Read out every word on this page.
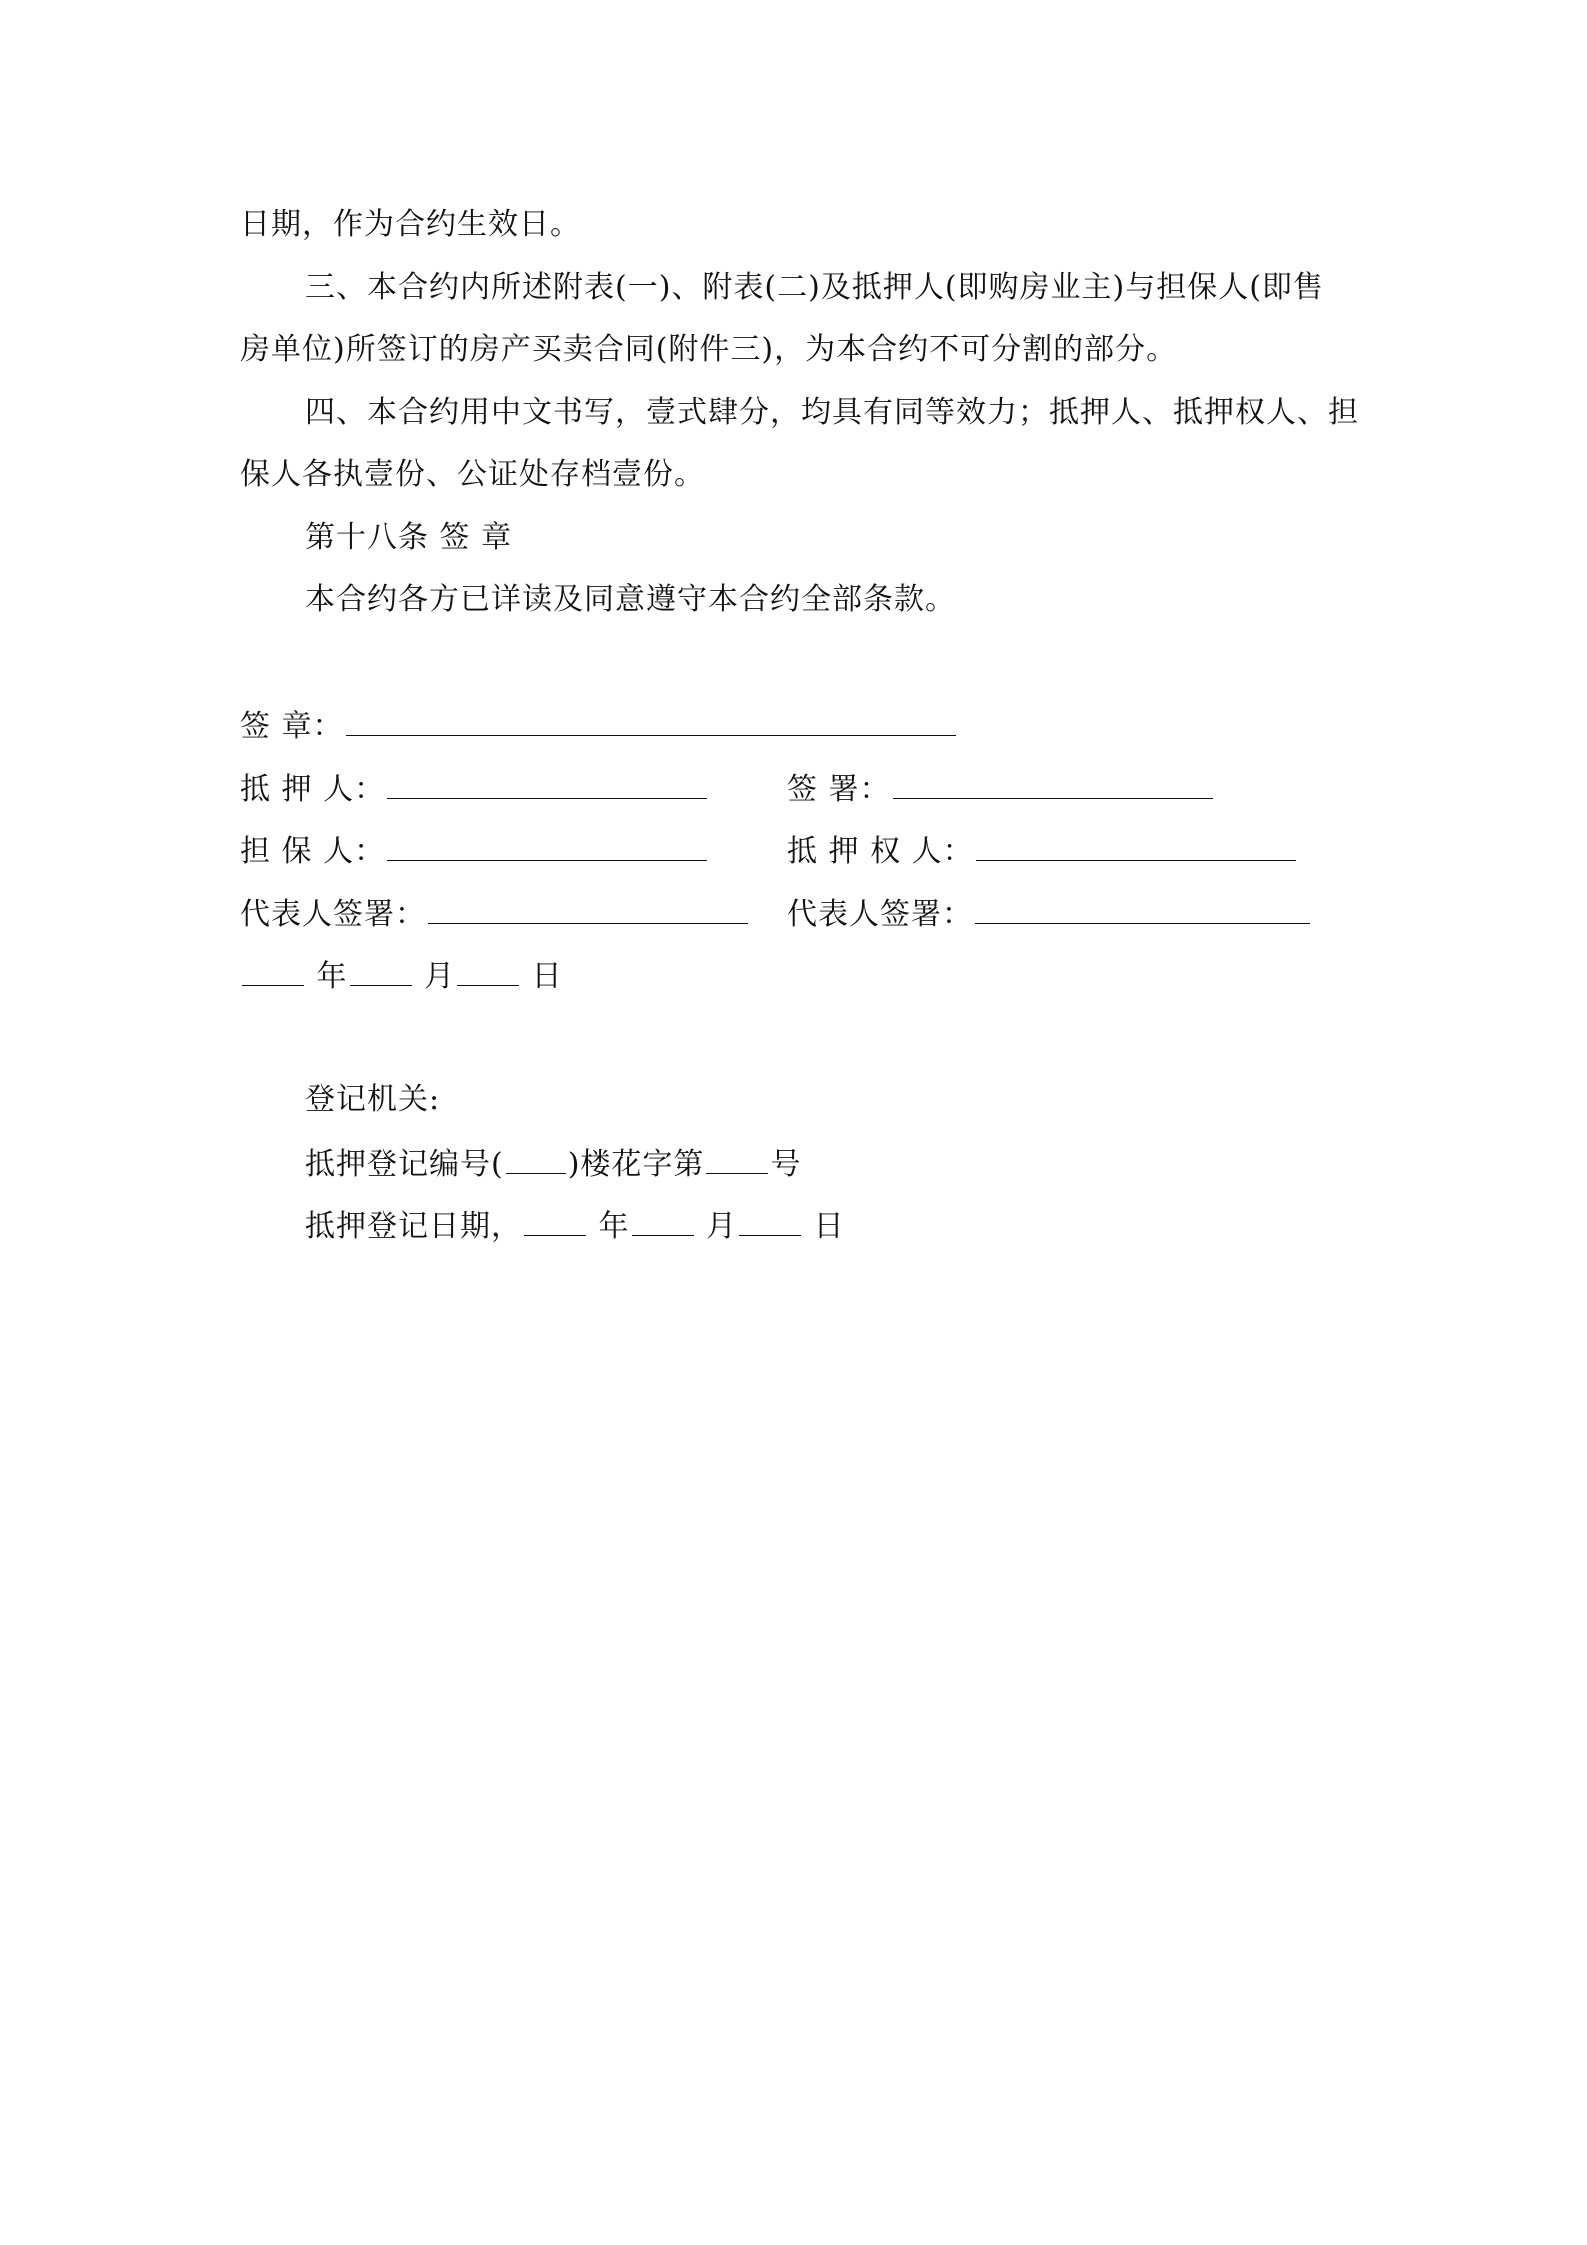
日期，作为合约生效日。
三、本合约内所述附表(一)、附表(二)及抵押人(即购房业主)与担保人(即售
房单位)所签订的房产买卖合同(附件三)，为本合约不可分割的部分。
四、本合约用中文书写，壹式肆分，均具有同等效力；抵押人、抵押权人、担
保人各执壹份、公证处存档壹份。
第十八条 签 章
本合约各方已详读及同意遵守本合约全部条款。
签 章：
抵 押 人：	签 署：
担 保 人：	抵 押 权 人：
代表人签署：	代表人签署：
年	月	日
登记机关:
抵押登记编号( )楼花字第 号
抵押登记日期，	年	月	日
